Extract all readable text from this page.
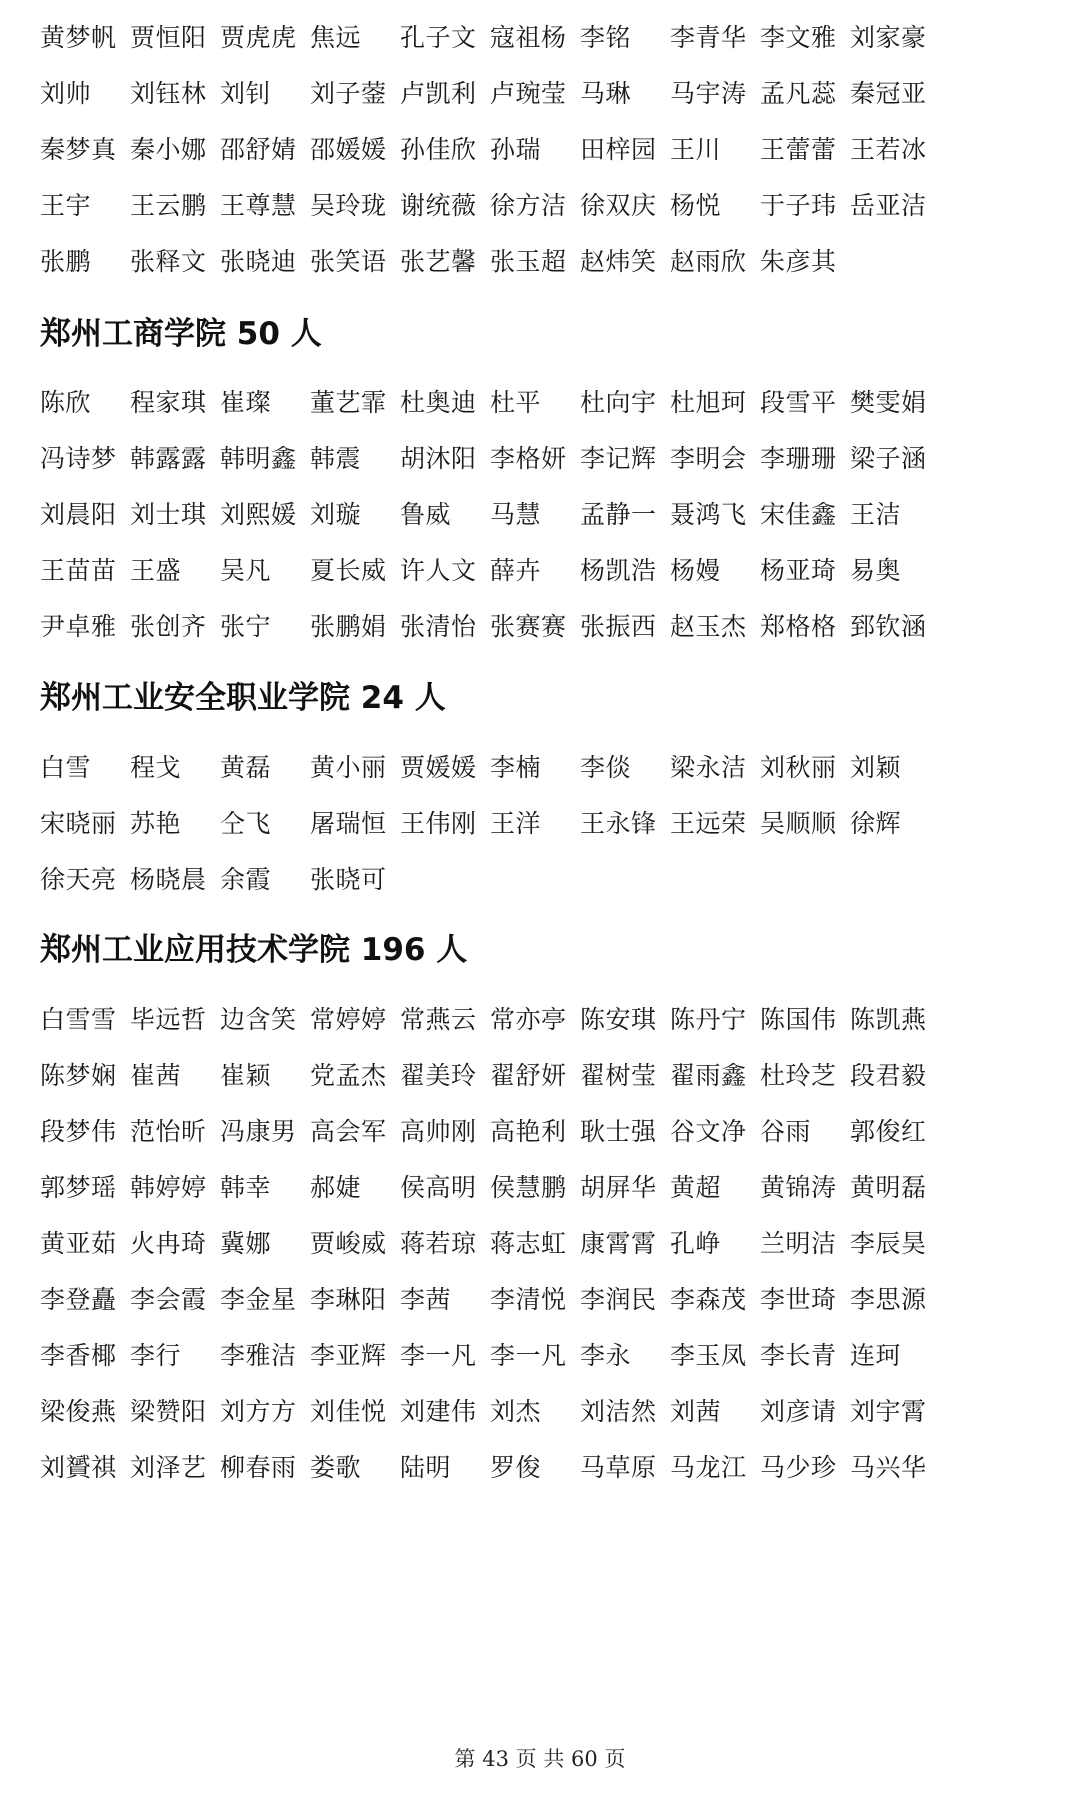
黄梦帆 贾恒阳 贾虎虎 焦远 孔子文 寇祖杨 李铭 李青华 李文雅 刘家豪
刘帅 刘钰林 刘钊 刘子蓥 卢凯利 卢琬莹 马琳 马宇涛 孟凡蕊 秦冠亚
秦梦真 秦小娜 邵舒婧 邵媛媛 孙佳欣 孙瑞 田梓园 王川 王蕾蕾 王若冰
王宇 王云鹏 王尊慧 吴玲珑 谢统薇 徐方洁 徐双庆 杨悦 于子玮 岳亚洁
张鹏 张释文 张晓迪 张笑语 张艺馨 张玉超 赵炜笑 赵雨欣 朱彦其
郑州工商学院 50 人
陈欣 程家琪 崔璨 董艺霏 杜奥迪 杜平 杜向宇 杜旭珂 段雪平 樊雯娟
冯诗梦 韩露露 韩明鑫 韩震 胡沐阳 李格妍 李记辉 李明会 李珊珊 梁子涵
刘晨阳 刘士琪 刘熙媛 刘璇 鲁威 马慧 孟静一 聂鸿飞 宋佳鑫 王洁
王苗苗 王盛 吴凡 夏长威 许人文 薛卉 杨凯浩 杨嫚 杨亚琦 易奥
尹卓雅 张创齐 张宁 张鹏娟 张清怡 张赛赛 张振西 赵玉杰 郑格格 郅钦涵
郑州工业安全职业学院 24 人
白雪 程戈 黄磊 黄小丽 贾媛媛 李楠 李倓 梁永洁 刘秋丽 刘颖
宋晓丽 苏艳 仝飞 屠瑞恒 王伟刚 王洋 王永锋 王远荣 吴顺顺 徐辉
徐天亮 杨晓晨 余霞 张晓可
郑州工业应用技术学院 196 人
白雪雪 毕远哲 边含笑 常婷婷 常燕云 常亦亭 陈安琪 陈丹宁 陈国伟 陈凯燕
陈梦娴 崔茜 崔颖 党孟杰 翟美玲 翟舒妍 翟树莹 翟雨鑫 杜玲芝 段君毅
段梦伟 范怡昕 冯康男 高会军 高帅刚 高艳利 耿士强 谷文净 谷雨 郭俊红
郭梦瑶 韩婷婷 韩幸 郝婕 侯高明 侯慧鹏 胡屏华 黄超 黄锦涛 黄明磊
黄亚茹 火冉琦 冀娜 贾峻威 蒋若琼 蒋志虹 康霄霄 孔峥 兰明洁 李辰昊
李登矗 李会霞 李金星 李琳阳 李茜 李清悦 李润民 李森茂 李世琦 李思源
李香椰 李行 李雅洁 李亚辉 李一凡 李一凡 李永 李玉凤 李长青 连珂
梁俊燕 梁赞阳 刘方方 刘佳悦 刘建伟 刘杰 刘洁然 刘茜 刘彦请 刘宇霄
刘贇祺 刘泽艺 柳春雨 娄歌 陆明 罗俊 马草原 马龙江 马少珍 马兴华
第 43 页 共 60 页
